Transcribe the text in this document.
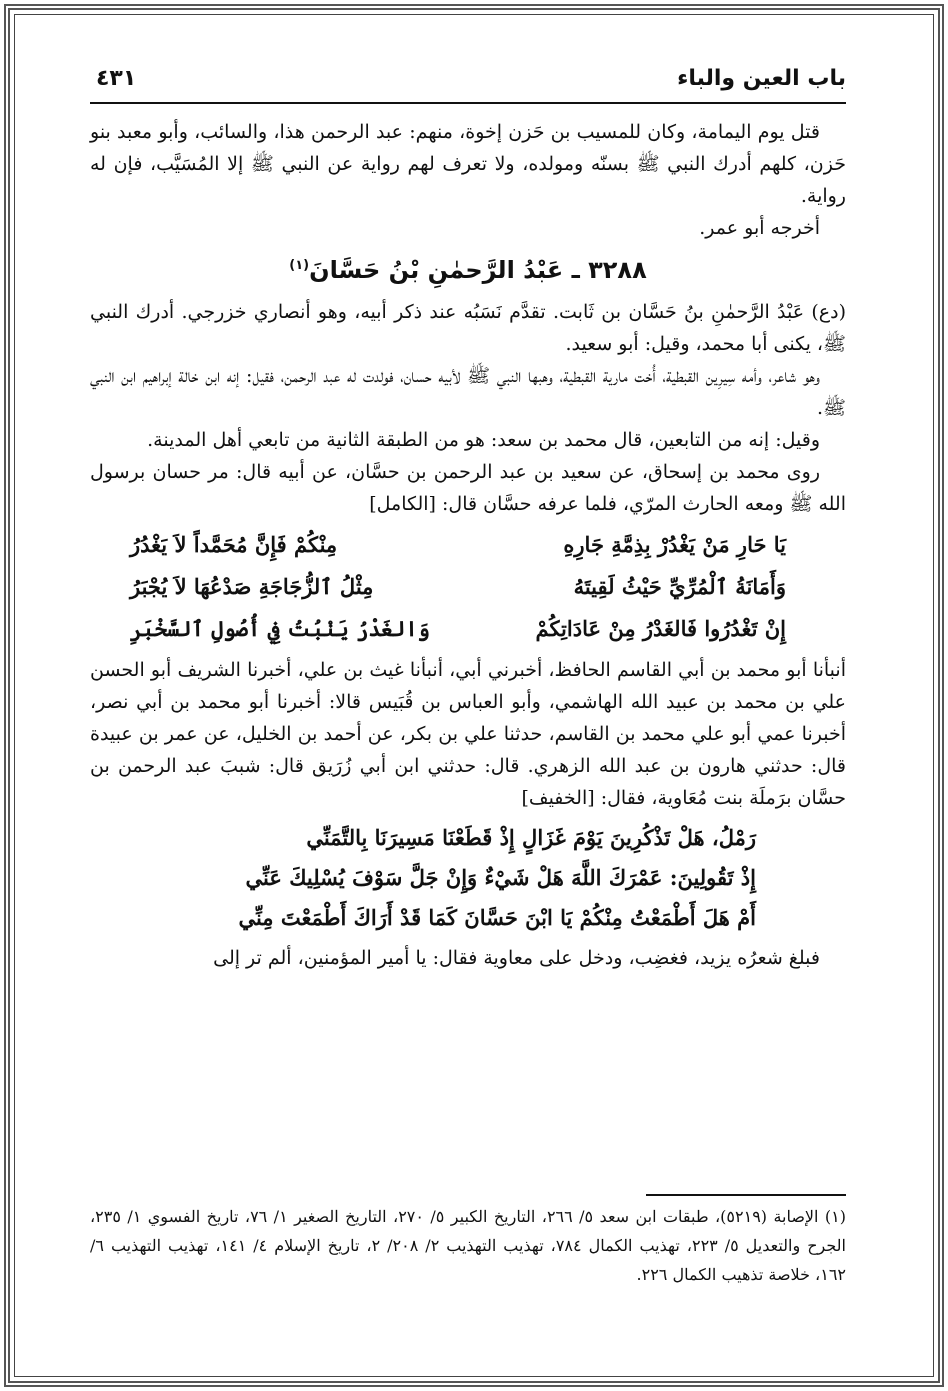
باب العين والباء
٤٣١

قتل يوم اليمامة، وكان للمسيب بن حَزن إخوة، منهم: عبد الرحمن هذا، والسائب، وأبو معبد بنو حَزن، كلهم أدرك النبي ﷺ بسنّه ومولده، ولا تعرف لهم رواية عن النبي ﷺ إلا المُسَيَّب، فإن له رواية.

أخرجه أبو عمر.

٣٢٨٨ ـ عَبْدُ الرَّحمٰنِ بْنُ حَسَّانَ$^{(١)}$

(دع) عَبْدُ الرَّحمٰنِ بنُ حَسَّان بن ثَابت. تقدَّم نَسَبُه عند ذكر أبيه، وهو أنصاري خزرجي. أدرك النبي ﷺ، يكنى أبا محمد، وقيل: أبو سعيد.

وهو شاعر، وأمه سِيرِين القبطية، أُخت مارية القبطية، وهبها النبي ﷺ لأبيه حسان، فولدت له عبد الرحمن، فقيل: إنه ابن خالة إبراهيم ابن النبي ﷺ.

وقيل: إنه من التابعين، قال محمد بن سعد: هو من الطبقة الثانية من تابعي أهل المدينة.

روى محمد بن إسحاق، عن سعيد بن عبد الرحمن بن حسَّان، عن أبيه قال: مر حسان برسول الله ﷺ ومعه الحارث المرّي، فلما عرفه حسَّان قال: [الكامل]

يَا حَارِ مَنْ يَغْدُرْ بِذِمَّةِ جَارِهِ
مِنْكُمْ فَإِنَّ مُحَمَّداً لاَ يَغْدُرُ
وَأَمَانَةُ ٱلْمُرِّيِّ حَيْثُ لَقِيتَهُ
مِثْلُ ٱلزُّجَاجَةِ صَدْعُهَا لاَ يُجْبَرُ
إِنْ تَغْدُرُوا فَالغَدْرُ مِنْ عَادَاتِكُمْ
وَالغَدْرُ يَنْبُتُ فِي أُصُولِ ٱلسَّخْبَرِ

أنبأنا أبو محمد بن أبي القاسم الحافظ، أخبرني أبي، أنبأنا غيث بن علي، أخبرنا الشريف أبو الحسن علي بن محمد بن عبيد الله الهاشمي، وأبو العباس بن قُبَيس قالا: أخبرنا أبو محمد بن أبي نصر، أخبرنا عمي أبو علي محمد بن القاسم، حدثنا علي بن بكر، عن أحمد بن الخليل، عن عمر بن عبيدة قال: حدثني هارون بن عبد الله الزهري. قال: حدثني ابن أبي زُرَيق قال: شببَ عبد الرحمن بن حسَّان برَملَة بنت مُعَاوية، فقال: [الخفيف]

رَمْلُ، هَلْ تَذْكُرِينَ يَوْمَ غَزَالٍ إِذْ قَطَعْنَا مَسِيرَنَا بِالتَّمَنِّي
إِذْ تَقُولِينَ: عَمْرَكَ اللَّهَ هَلْ شَيْءٌ وَإِنْ جَلَّ سَوْفَ يُسْلِيكَ عَنِّي
أَمْ هَلَ أَطْمَعْتُ مِنْكُمْ يَا ابْنَ حَسَّانَ كَمَا قَدْ أَرَاكَ أَطْمَعْتَ مِنِّي

فبلغ شعرُه يزيد، فغضِب، ودخل على معاوية فقال: يا أمير المؤمنين، ألم تر إلى

(١) الإصابة (٥٢١٩)، طبقات ابن سعد ٥/ ٢٦٦، التاريخ الكبير ٥/ ٢٧٠، التاريخ الصغير ١/ ٧٦، تاريخ الفسوي ١/ ٢٣٥، الجرح والتعديل ٥/ ٢٢٣، تهذيب الكمال ٧٨٤، تهذيب التهذيب ٢/ ٢٠٨/ ٢، تاريخ الإسلام ٤/ ١٤١، تهذيب التهذيب ٦/ ١٦٢، خلاصة تذهيب الكمال ٢٢٦.
